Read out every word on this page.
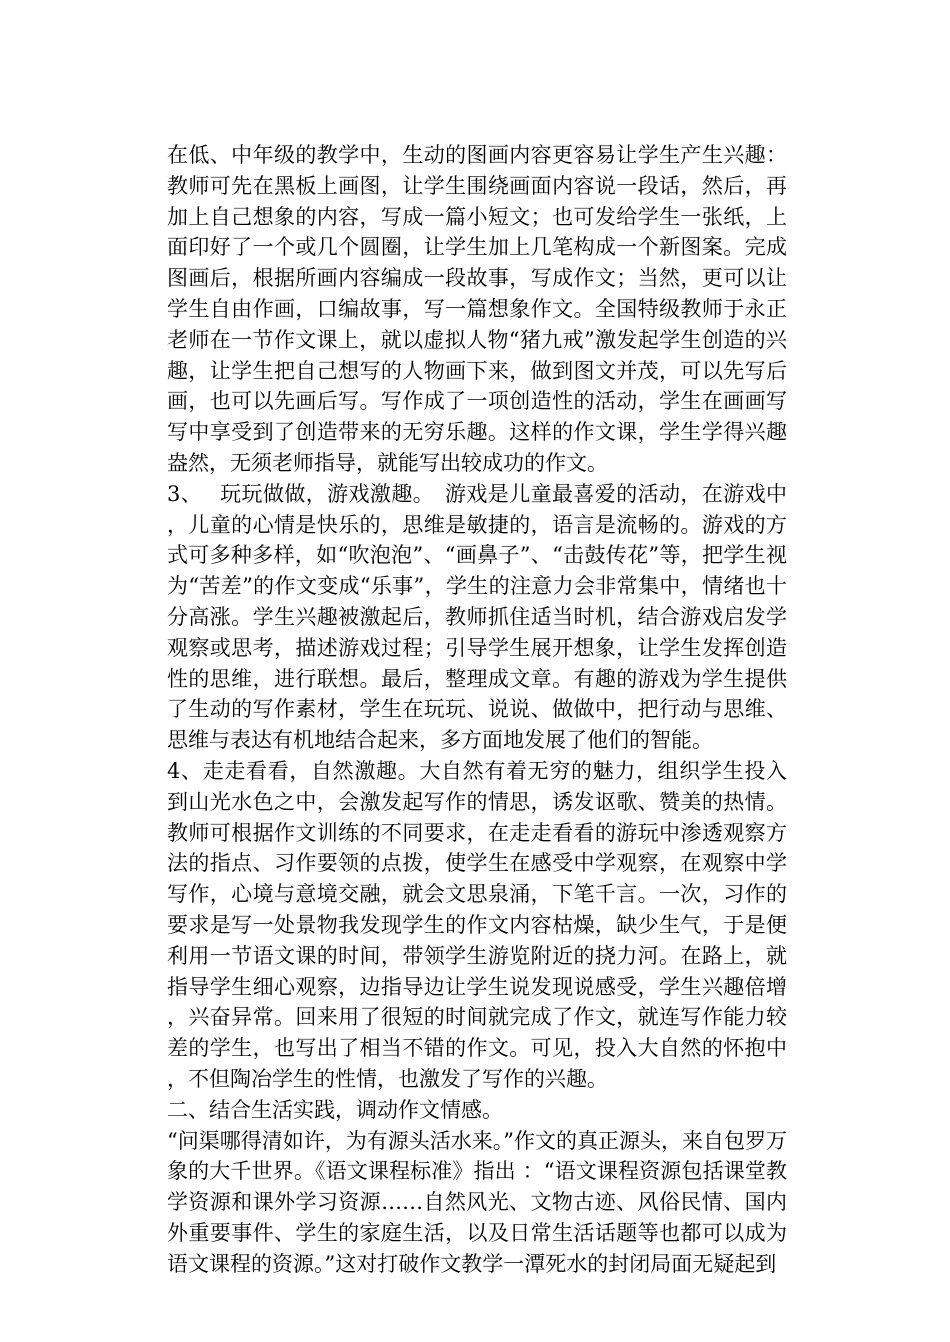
在低、中年级的教学中，生动的图画内容更容易让学生产生兴趣：教师可先在黑板上画图，让学生围绕画面内容说一段话，然后，再加上自己想象的内容，写成一篇小短文；也可发给学生一张纸，上面印好了一个或几个圆圈，让学生加上几笔构成一个新图案。完成图画后，根据所画内容编成一段故事，写成作文；当然，更可以让学生自由作画，口编故事，写一篇想象作文。全国特级教师于永正老师在一节作文课上，就以虚拟人物“猪九戒”激发起学生创造的兴趣，让学生把自己想写的人物画下来，做到图文并茂，可以先写后画，也可以先画后写。写作成了一项创造性的活动，学生在画画写写中享受到了创造带来的无穷乐趣。这样的作文课，学生学得兴趣盎然，无须老师指导，就能写出较成功的作文。

3、　 玩玩做做，游戏激趣。　游戏是儿童最喜爱的活动，在游戏中，儿童的心情是快乐的，思维是敏捷的，语言是流畅的。游戏的方式可多种多样，如“吹泡泡”、“画鼻子”、“击鼓传花”等，把学生视为“苦差”的作文变成“乐事”，学生的注意力会非常集中，情绪也十分高涨。学生兴趣被激起后，教师抓住适当时机，结合游戏启发学观察或思考，描述游戏过程；引导学生展开想象，让学生发挥创造性的思维，进行联想。最后，整理成文章。有趣的游戏为学生提供了生动的写作素材，学生在玩玩、说说、做做中，把行动与思维、思维与表达有机地结合起来，多方面地发展了他们的智能。

4、走走看看，自然激趣。大自然有着无穷的魅力，组织学生投入到山光水色之中，会激发起写作的情思，诱发讴歌、赞美的热情。教师可根据作文训练的不同要求，在走走看看的游玩中渗透观察方法的指点、习作要领的点拨，使学生在感受中学观察，在观察中学写作，心境与意境交融，就会文思泉涌，下笔千言。一次，习作的要求是写一处景物我发现学生的作文内容枯燥，缺少生气，于是便利用一节语文课的时间，带领学生游览附近的挠力河。在路上，就指导学生细心观察，边指导边让学生说发现说感受，学生兴趣倍增，兴奋异常。回来用了很短的时间就完成了作文，就连写作能力较差的学生，也写出了相当不错的作文。可见，投入大自然的怀抱中，不但陶冶学生的性情，也激发了写作的兴趣。

二、结合生活实践，调动作文情感。

“问渠哪得清如许，为有源头活水来。”作文的真正源头，来自包罗万象的大千世界。《语文课程标准》指出 ：“语文课程资源包括课堂教学资源和课外学习资源……自然风光、文物古迹、风俗民情、国内外重要事件、学生的家庭生活，以及日常生活话题等也都可以成为语文课程的资源。”这对打破作文教学一潭死水的封闭局面无疑起到
